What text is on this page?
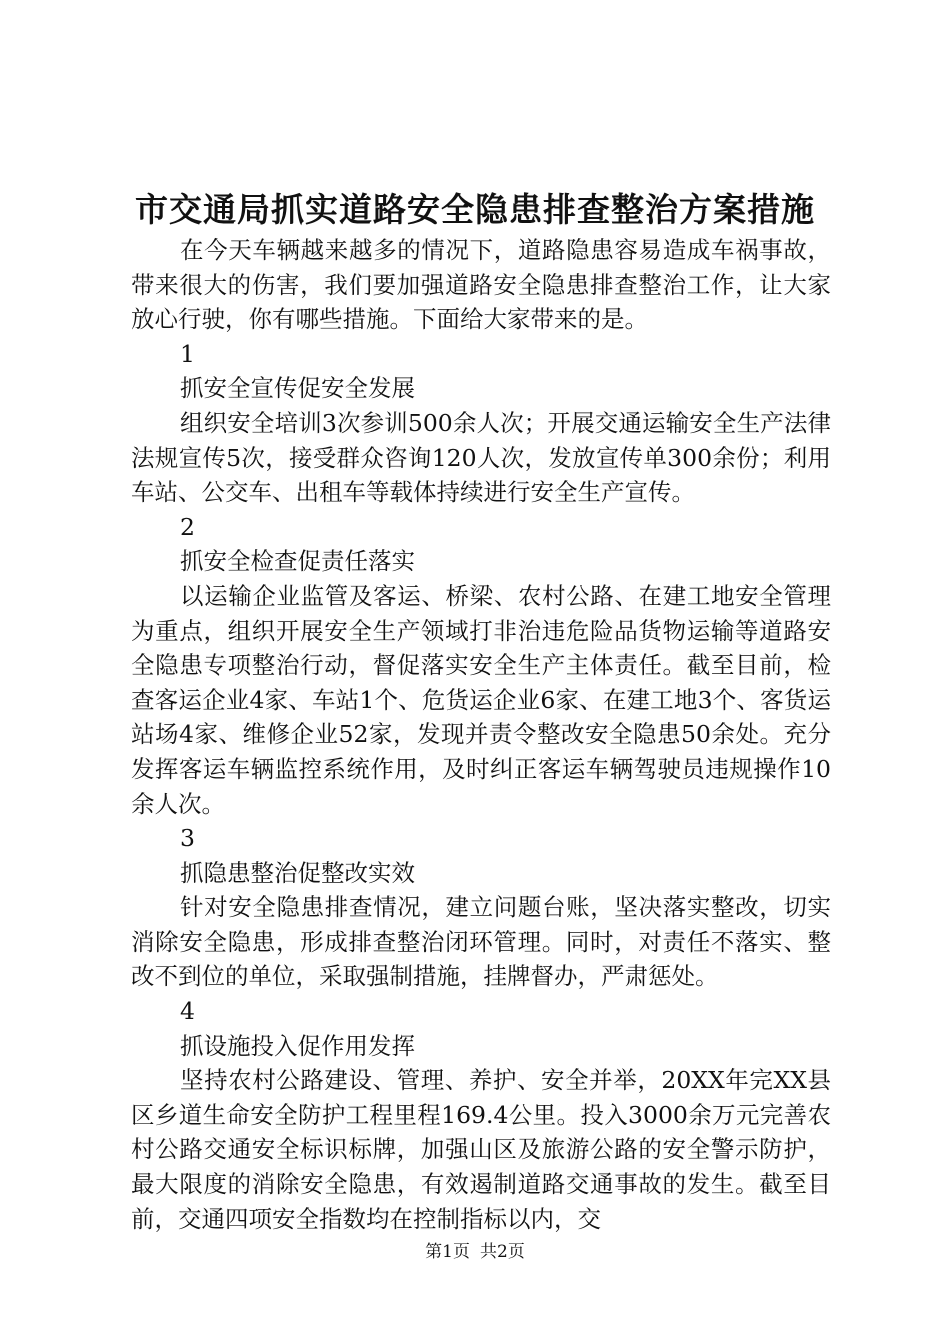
市交通局抓实道路安全隐患排查整治方案措施

在今天车辆越来越多的情况下，道路隐患容易造成车祸事故，带来很大的伤害，我们要加强道路安全隐患排查整治工作，让大家放心行驶，你有哪些措施。下面给大家带来的是。

1

抓安全宣传促安全发展

组织安全培训3次参训500余人次；开展交通运输安全生产法律法规宣传5次，接受群众咨询120人次，发放宣传单300余份；利用车站、公交车、出租车等载体持续进行安全生产宣传。

2

抓安全检查促责任落实

以运输企业监管及客运、桥梁、农村公路、在建工地安全管理为重点，组织开展安全生产领域打非治违危险品货物运输等道路安全隐患专项整治行动，督促落实安全生产主体责任。截至目前，检查客运企业4家、车站1个、危货运企业6家、在建工地3个、客货运站场4家、维修企业52家，发现并责令整改安全隐患50余处。充分发挥客运车辆监控系统作用，及时纠正客运车辆驾驶员违规操作10余人次。

3

抓隐患整治促整改实效

针对安全隐患排查情况，建立问题台账，坚决落实整改，切实消除安全隐患，形成排查整治闭环管理。同时，对责任不落实、整改不到位的单位，采取强制措施，挂牌督办，严肃惩处。

4

抓设施投入促作用发挥

坚持农村公路建设、管理、养护、安全并举，20XX年完XX县区乡道生命安全防护工程里程169.4公里。投入3000余万元完善农村公路交通安全标识标牌，加强山区及旅游公路的安全警示防护，最大限度的消除安全隐患，有效遏制道路交通事故的发生。截至目前，交通四项安全指数均在控制指标以内，交

第1页 共2页
